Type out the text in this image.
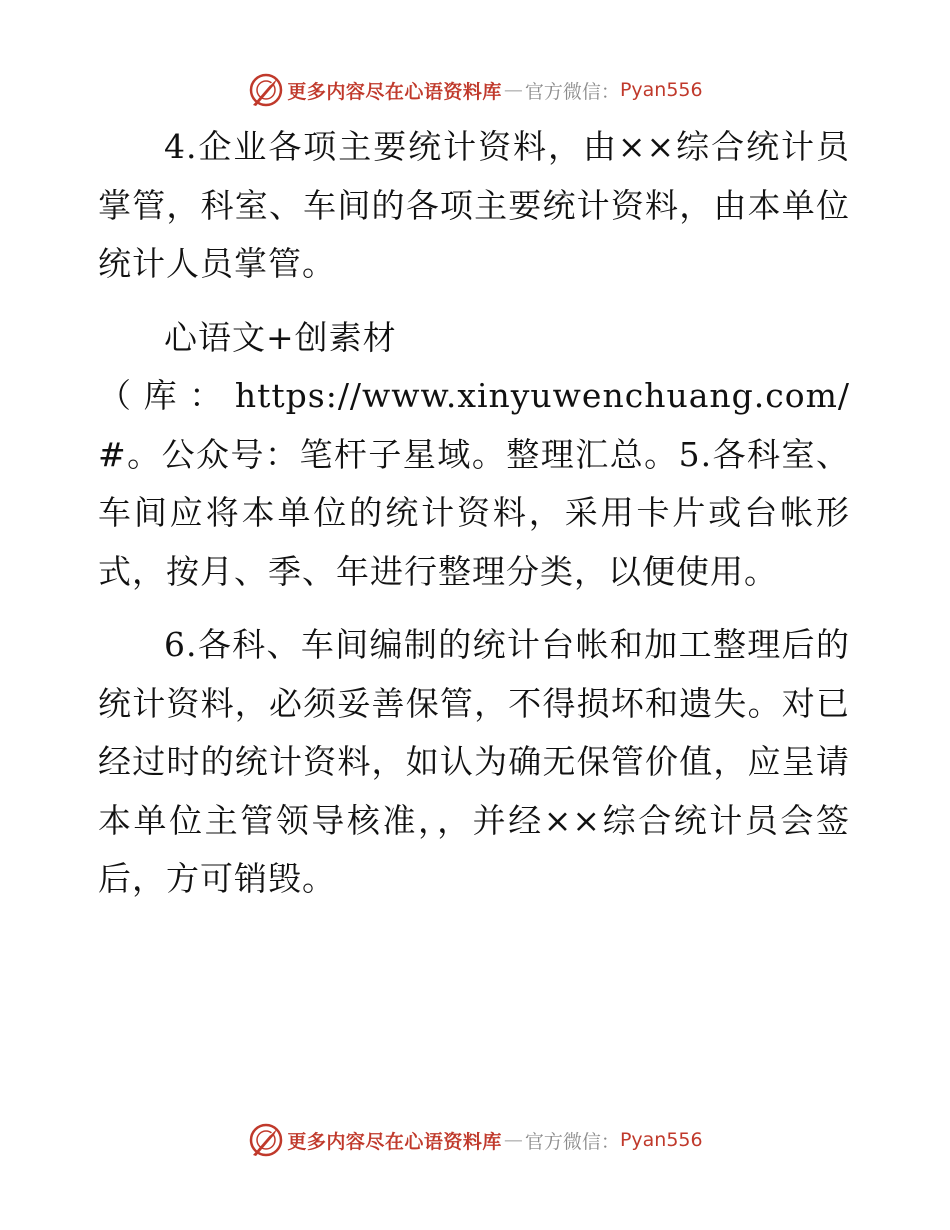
更多内容尽在心语资料库 — 官方微信： Pyan556

4.企业各项主要统计资料，由××综合统计员掌管，科室、车间的各项主要统计资料，由本单位统计人员掌管。

心语文+创素材

（库：https://www.xinyuwenchuang.com/#。公众号：笔杆子星域。整理汇总。5.各科室、车间应将本单位的统计资料，采用卡片或台帐形式，按月、季、年进行整理分类，以便使用。

6.各科、车间编制的统计台帐和加工整理后的统计资料，必须妥善保管，不得损坏和遗失。对已经过时的统计资料，如认为确无保管价值，应呈请本单位主管领导核准，，并经××综合统计员会签后，方可销毁。

更多内容尽在心语资料库 — 官方微信： Pyan556
